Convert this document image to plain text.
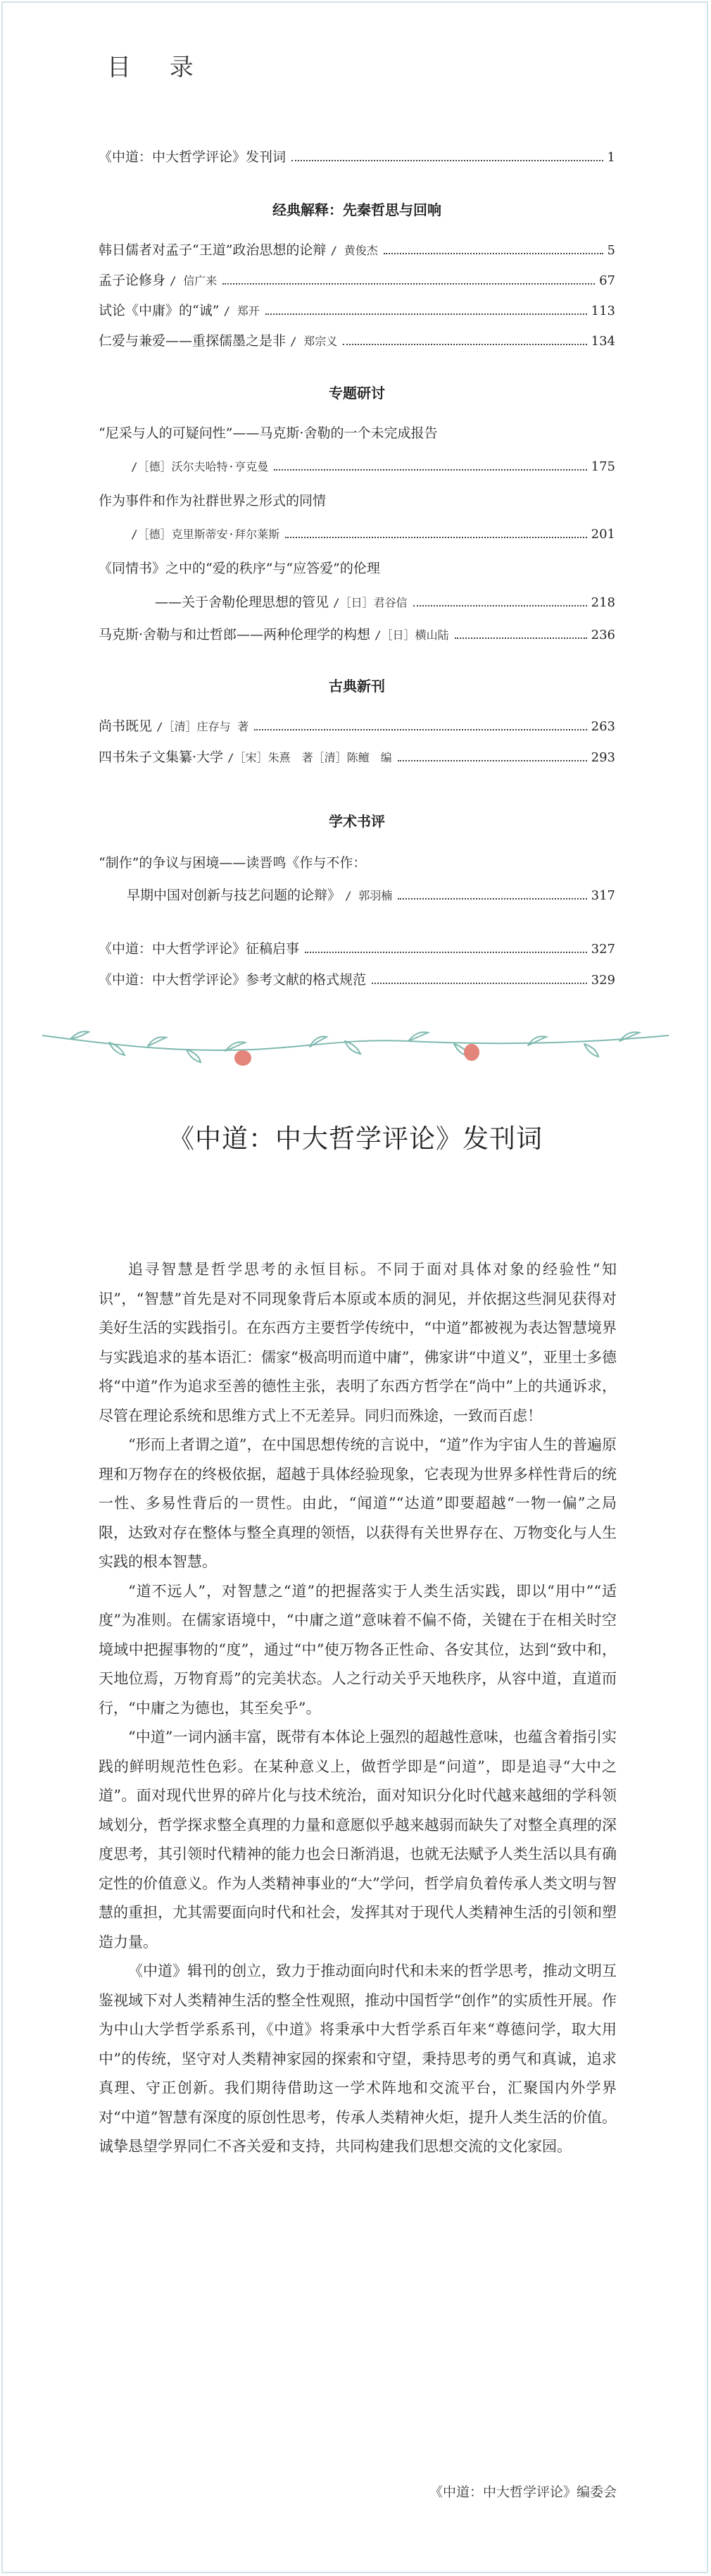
目 录
《中道：中大哲学评论》发刊词	1
经典解释：先秦哲思与回响
韩日儒者对孟子“王道”政治思想的论辩 / 黄俊杰	5
孟子论修身 / 信广来	67
试论《中庸》的“诚” / 郑开	113
仁爱与兼爱——重探儒墨之是非 / 郑宗义	134
专题研讨
“尼采与人的可疑问性”——马克斯·舍勒的一个未完成报告
/［德］沃尔夫哈特·亨克曼	175
作为事件和作为社群世界之形式的同情
/［德］克里斯蒂安·拜尔莱斯	201
《同情书》之中的“爱的秩序”与“应答爱”的伦理
——关于舍勒伦理思想的管见 /［日］君谷信	218
马克斯·舍勒与和辻哲郎——两种伦理学的构想 /［日］横山陆	236
古典新刊
尚书既见 /［清］庄存与 著	263
四书朱子文集纂·大学 /［宋］朱熹　著［清］陈鳣　编	293
学术书评
“制作”的争议与困境——读晋鸣《作与不作：
早期中国对创新与技艺问题的论辩》 / 郭羽楠	317
《中道：中大哲学评论》征稿启事	327
《中道：中大哲学评论》参考文献的格式规范	329
《中道：中大哲学评论》发刊词

追寻智慧是哲学思考的永恒目标。不同于面对具体对象的经验性“知识”，“智慧”首先是对不同现象背后本原或本质的洞见，并依据这些洞见获得对美好生活的实践指引。在东西方主要哲学传统中，“中道”都被视为表达智慧境界与实践追求的基本语汇：儒家“极高明而道中庸”，佛家讲“中道义”，亚里士多德将“中道”作为追求至善的德性主张，表明了东西方哲学在“尚中”上的共通诉求，尽管在理论系统和思维方式上不无差异。同归而殊途，一致而百虑！

“形而上者谓之道”，在中国思想传统的言说中，“道”作为宇宙人生的普遍原理和万物存在的终极依据，超越于具体经验现象，它表现为世界多样性背后的统一性、多易性背后的一贯性。由此，“闻道”“达道”即要超越“一物一偏”之局限，达致对存在整体与整全真理的领悟，以获得有关世界存在、万物变化与人生实践的根本智慧。

“道不远人”，对智慧之“道”的把握落实于人类生活实践，即以“用中”“适度”为准则。在儒家语境中，“中庸之道”意味着不偏不倚，关键在于在相关时空境域中把握事物的“度”，通过“中”使万物各正性命、各安其位，达到“致中和，天地位焉，万物育焉”的完美状态。人之行动关乎天地秩序，从容中道，直道而行，“中庸之为德也，其至矣乎”。

“中道”一词内涵丰富，既带有本体论上强烈的超越性意味，也蕴含着指引实践的鲜明规范性色彩。在某种意义上，做哲学即是“问道”，即是追寻“大中之道”。面对现代世界的碎片化与技术统治，面对知识分化时代越来越细的学科领域划分，哲学探求整全真理的力量和意愿似乎越来越弱而缺失了对整全真理的深度思考，其引领时代精神的能力也会日渐消退，也就无法赋予人类生活以具有确定性的价值意义。作为人类精神事业的“大”学问，哲学肩负着传承人类文明与智慧的重担，尤其需要面向时代和社会，发挥其对于现代人类精神生活的引领和塑造力量。

《中道》辑刊的创立，致力于推动面向时代和未来的哲学思考，推动文明互鉴视域下对人类精神生活的整全性观照，推动中国哲学“创作”的实质性开展。作为中山大学哲学系系刊，《中道》将秉承中大哲学系百年来“尊德问学，取大用中”的传统，坚守对人类精神家园的探索和守望，秉持思考的勇气和真诚，追求真理、守正创新。我们期待借助这一学术阵地和交流平台，汇聚国内外学界对“中道”智慧有深度的原创性思考，传承人类精神火炬，提升人类生活的价值。诚挚恳望学界同仁不吝关爱和支持，共同构建我们思想交流的文化家园。

《中道：中大哲学评论》编委会
